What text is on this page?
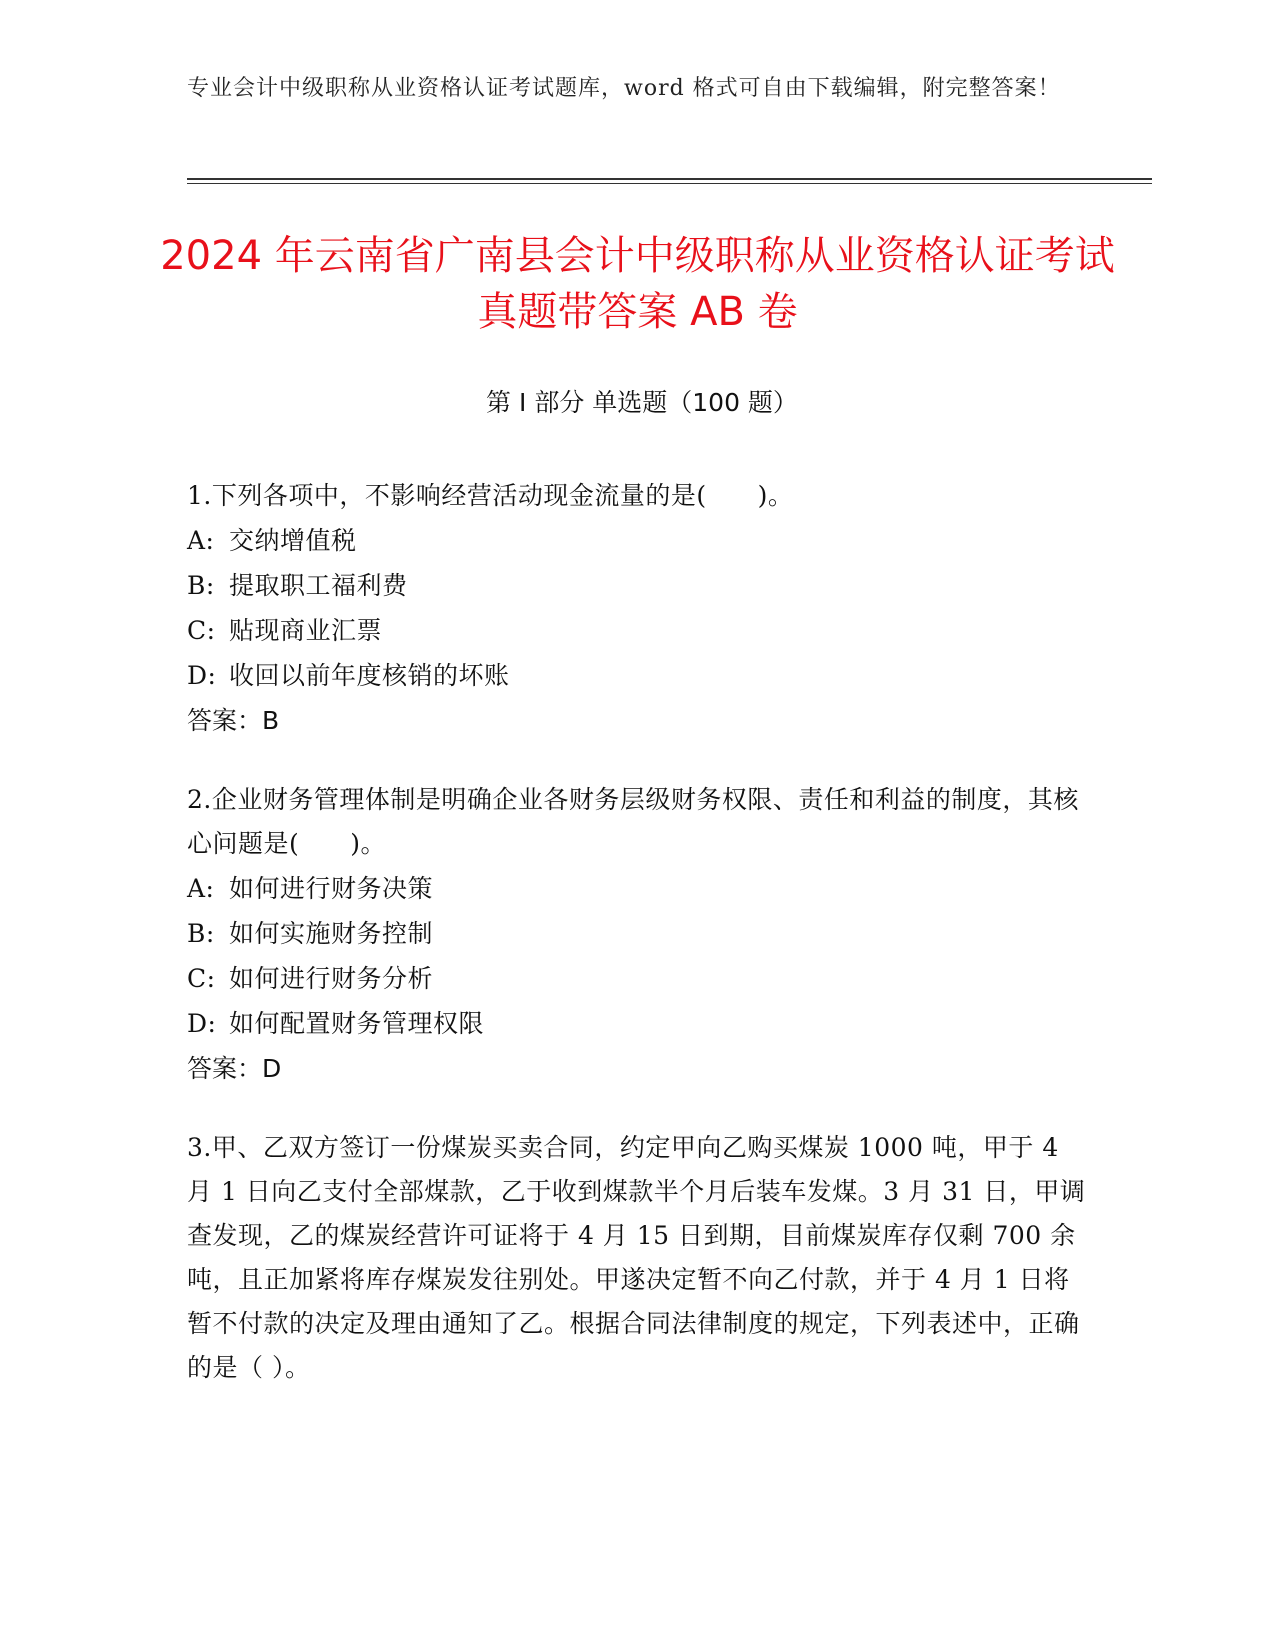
专业会计中级职称从业资格认证考试题库，word 格式可自由下载编辑，附完整答案！
2024 年云南省广南县会计中级职称从业资格认证考试真题带答案 AB 卷
第 I 部分 单选题（100 题）

1.下列各项中，不影响经营活动现金流量的是(　　)。

A: 交纳增值税

B: 提取职工福利费

C: 贴现商业汇票

D: 收回以前年度核销的坏账

答案：B

2.企业财务管理体制是明确企业各财务层级财务权限、责任和利益的制度，其核心问题是(　　)。

A: 如何进行财务决策

B: 如何实施财务控制

C: 如何进行财务分析

D: 如何配置财务管理权限

答案：D

3.甲、乙双方签订一份煤炭买卖合同，约定甲向乙购买煤炭 1000 吨，甲于 4 月 1 日向乙支付全部煤款，乙于收到煤款半个月后装车发煤。3 月 31 日，甲调查发现，乙的煤炭经营许可证将于 4 月 15 日到期，目前煤炭库存仅剩 700 余吨，且正加紧将库存煤炭发往别处。甲遂决定暂不向乙付款，并于 4 月 1 日将暂不付款的决定及理由通知了乙。根据合同法律制度的规定，下列表述中，正确的是（ ）。
